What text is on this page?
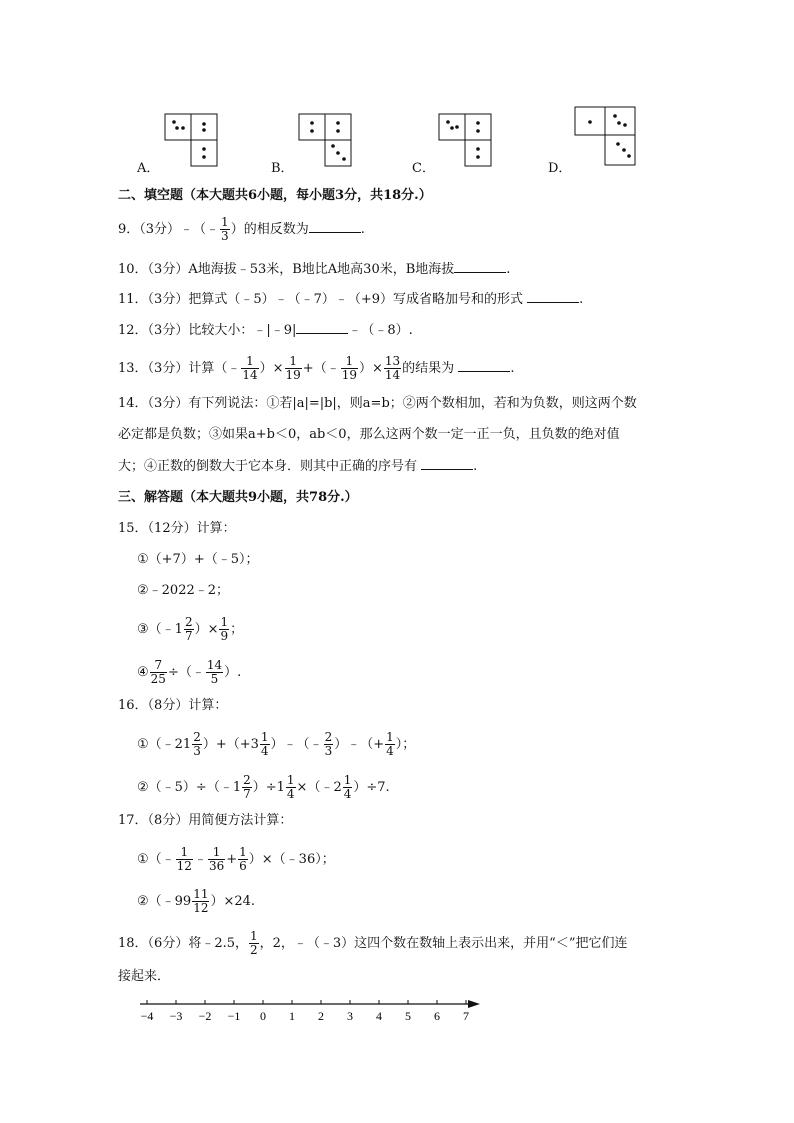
A．	B．	C．	D．
二、填空题（本大题共6小题，每小题3分，共18分.）
9．（3分）﹣（﹣ $\frac{1}{3}$ ）的相反数为	.
10．（3分）A地海拔﹣53米，B地比A地高30米，B地海拔	.
11．（3分）把算式（﹣5）﹣（﹣7）﹣（+9）写成省略加号和的形式	.
12．（3分）比较大小：﹣|﹣9|	﹣（﹣8）.
13．（3分）计算（﹣ $\frac{1}{14}$ ）× $\frac{1}{19}$ +（﹣ $\frac{1}{19}$ ）× $\frac{13}{14}$ 的结果为	.
14．（3分）有下列说法：①若|a|=|b|，则a=b；②两个数相加，若和为负数，则这两个数
必定都是负数；③如果a+b＜0，ab＜0，那么这两个数一定一正一负，且负数的绝对值
大；④正数的倒数大于它本身．则其中正确的序号有	.
三、解答题（本大题共9小题，共78分.）
15．（12分）计算：
①（+7）+（﹣5）；
②﹣2022﹣2；
③（﹣1 $\frac{2}{7}$ ）× $\frac{1}{9}$ ；
④ $\frac{7}{25}$ ÷（﹣ $\frac{14}{5}$ ）.
16．（8分）计算：
①（﹣21 $\frac{2}{3} )+(+3 \frac{1}{4}$ ）﹣（﹣ $\frac{2}{3}$ ）﹣（+ $\frac{1}{4}$ ）；
②（﹣5）÷（﹣1 $\frac{2}{7} )\div 1 \frac{1}{4}$ ×（﹣2 $\frac{1}{4} )\div 7$.
17．（8分）用简便方法计算：
①（﹣ $\frac{1}{12}$ ﹣ $\frac{1}{36} + \frac{1}{6}$ ）×（﹣36）；
②（﹣99 $\frac{11}{12} )\times 24$.
18．（6分）将﹣2.5， $\frac{1}{2}$ ，2，﹣（﹣3）这四个数在数轴上表示出来，并用“＜”把它们连
接起来．
−4 −3 −2 −1 0 1 2 3 4 5 6 7
